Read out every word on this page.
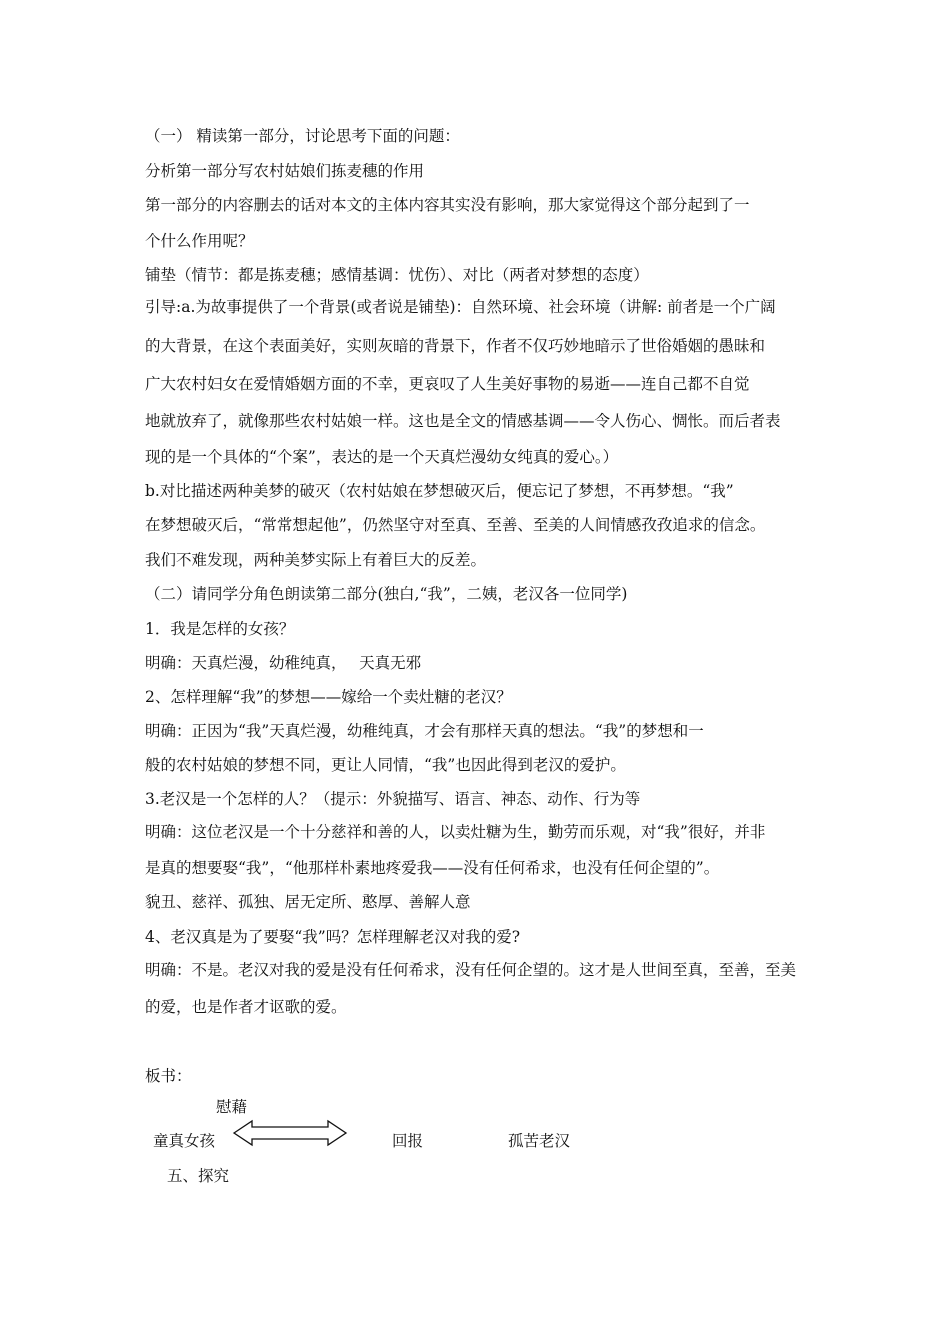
（一） 精读第一部分，讨论思考下面的问题：
分析第一部分写农村姑娘们拣麦穗的作用
第一部分的内容删去的话对本文的主体内容其实没有影响，那大家觉得这个部分起到了一
个什么作用呢？
铺垫（情节：都是拣麦穗；感情基调：忧伤）、对比（两者对梦想的态度）
引导:a.为故事提供了一个背景(或者说是铺垫)：自然环境、社会环境（讲解: 前者是一个广阔
的大背景，在这个表面美好，实则灰暗的背景下，作者不仅巧妙地暗示了世俗婚姻的愚昧和
广大农村妇女在爱情婚姻方面的不幸，更哀叹了人生美好事物的易逝——连自己都不自觉
地就放弃了，就像那些农村姑娘一样。这也是全文的情感基调——令人伤心、惆怅。而后者表
现的是一个具体的“个案”，表达的是一个天真烂漫幼女纯真的爱心。）
b.对比描述两种美梦的破灭（农村姑娘在梦想破灭后，便忘记了梦想，不再梦想。“我”
在梦想破灭后，“常常想起他”，仍然坚守对至真、至善、至美的人间情感孜孜追求的信念。
我们不难发现，两种美梦实际上有着巨大的反差。
（二）请同学分角色朗读第二部分(独白,“我”，二姨，老汉各一位同学)
1．我是怎样的女孩？
明确：天真烂漫，幼稚纯真，　 天真无邪
2、怎样理解“我”的梦想——嫁给一个卖灶糖的老汉？
明确：正因为“我”天真烂漫，幼稚纯真，才会有那样天真的想法。“我”的梦想和一
般的农村姑娘的梦想不同，更让人同情，“我”也因此得到老汉的爱护。
3.老汉是一个怎样的人？（提示：外貌描写、语言、神态、动作、行为等
明确：这位老汉是一个十分慈祥和善的人，以卖灶糖为生，勤劳而乐观，对“我”很好，并非
是真的想要娶“我”，“他那样朴素地疼爱我——没有任何希求，也没有任何企望的”。
貌丑、慈祥、孤独、居无定所、憨厚、善解人意
4、老汉真是为了要娶“我”吗？怎样理解老汉对我的爱?
明确：不是。老汉对我的爱是没有任何希求，没有任何企望的。这才是人世间至真，至善，至美
的爱，也是作者才讴歌的爱。
板书：
慰藉
童真女孩	回报	孤苦老汉
五、探究
